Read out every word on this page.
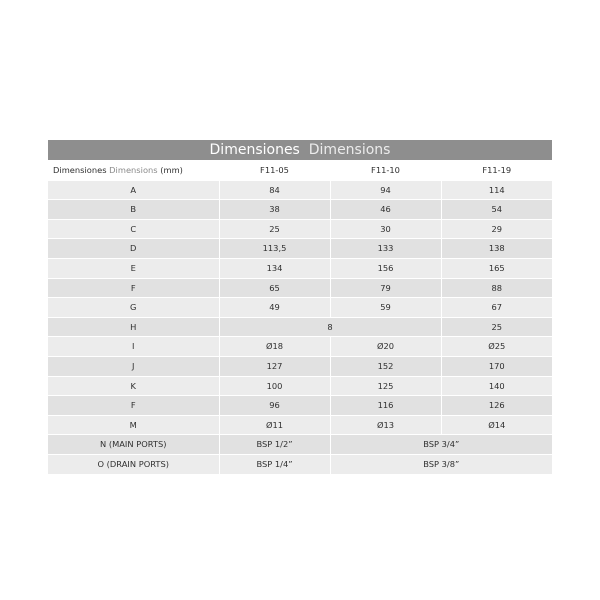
Dimensiones Dimensions			
Dimensiones Dimensions (mm)	F11-05	F11-10	F11-19
A	84	94	114
B	38	46	54
C	25	30	29
D	113,5	133	138
E	134	156	165
F	65	79	88
G	49	59	67
H	8		25
I	Ø18	Ø20	Ø25
J	127	152	170
K	100	125	140
F	96	116	126
M	Ø11	Ø13	Ø14
N (MAIN PORTS)	BSP 1/2”	BSP 3/4”	
O (DRAIN PORTS)	BSP 1/4”	BSP 3/8”	
